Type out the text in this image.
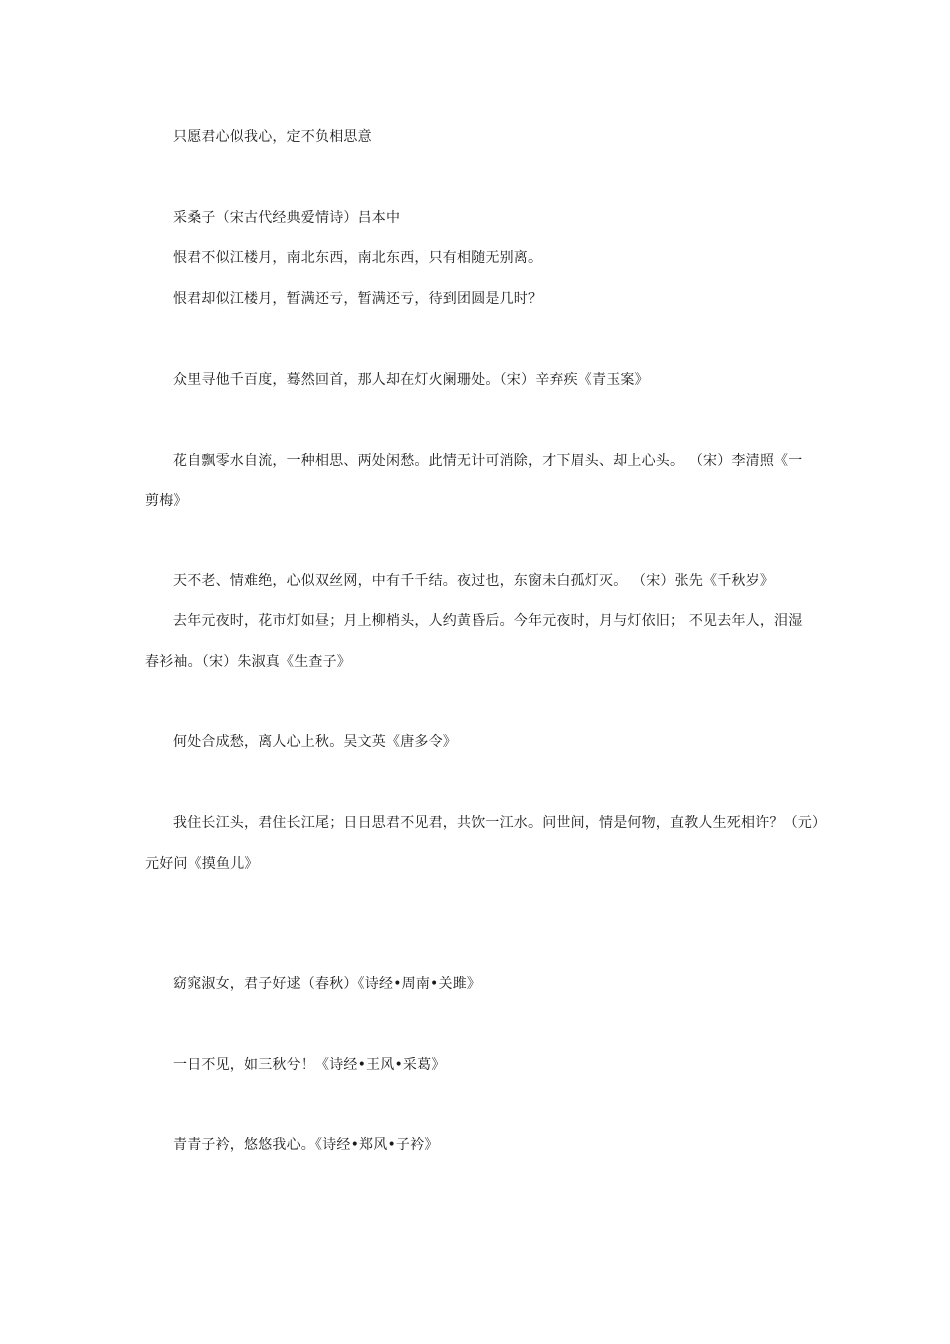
只愿君心似我心，定不负相思意
采桑子（宋古代经典爱情诗）吕本中
恨君不似江楼月，南北东西，南北东西，只有相随无别离。
恨君却似江楼月，暂满还亏，暂满还亏，待到团圆是几时？
众里寻他千百度，蓦然回首，那人却在灯火阑珊处。（宋）辛弃疾《青玉案》
花自飘零水自流，一种相思、两处闲愁。此情无计可消除，才下眉头、却上心头。 （宋）李清照《一
剪梅》
天不老、情难绝，心似双丝网，中有千千结。夜过也，东窗未白孤灯灭。 （宋）张先《千秋岁》
去年元夜时，花市灯如昼；月上柳梢头，人约黄昏后。今年元夜时，月与灯依旧； 不见去年人，泪湿
春衫袖。（宋）朱淑真《生查子》
何处合成愁，离人心上秋。吴文英《唐多令》
我住长江头，君住长江尾；日日思君不见君，共饮一江水。问世间，情是何物，直教人生死相许？（元）
元好问《摸鱼儿》
窈窕淑女，君子好逑（春秋）《诗经•周南•关雎》
一日不见，如三秋兮！《诗经•王风•采葛》
青青子衿，悠悠我心。《诗经•郑风•子衿》
